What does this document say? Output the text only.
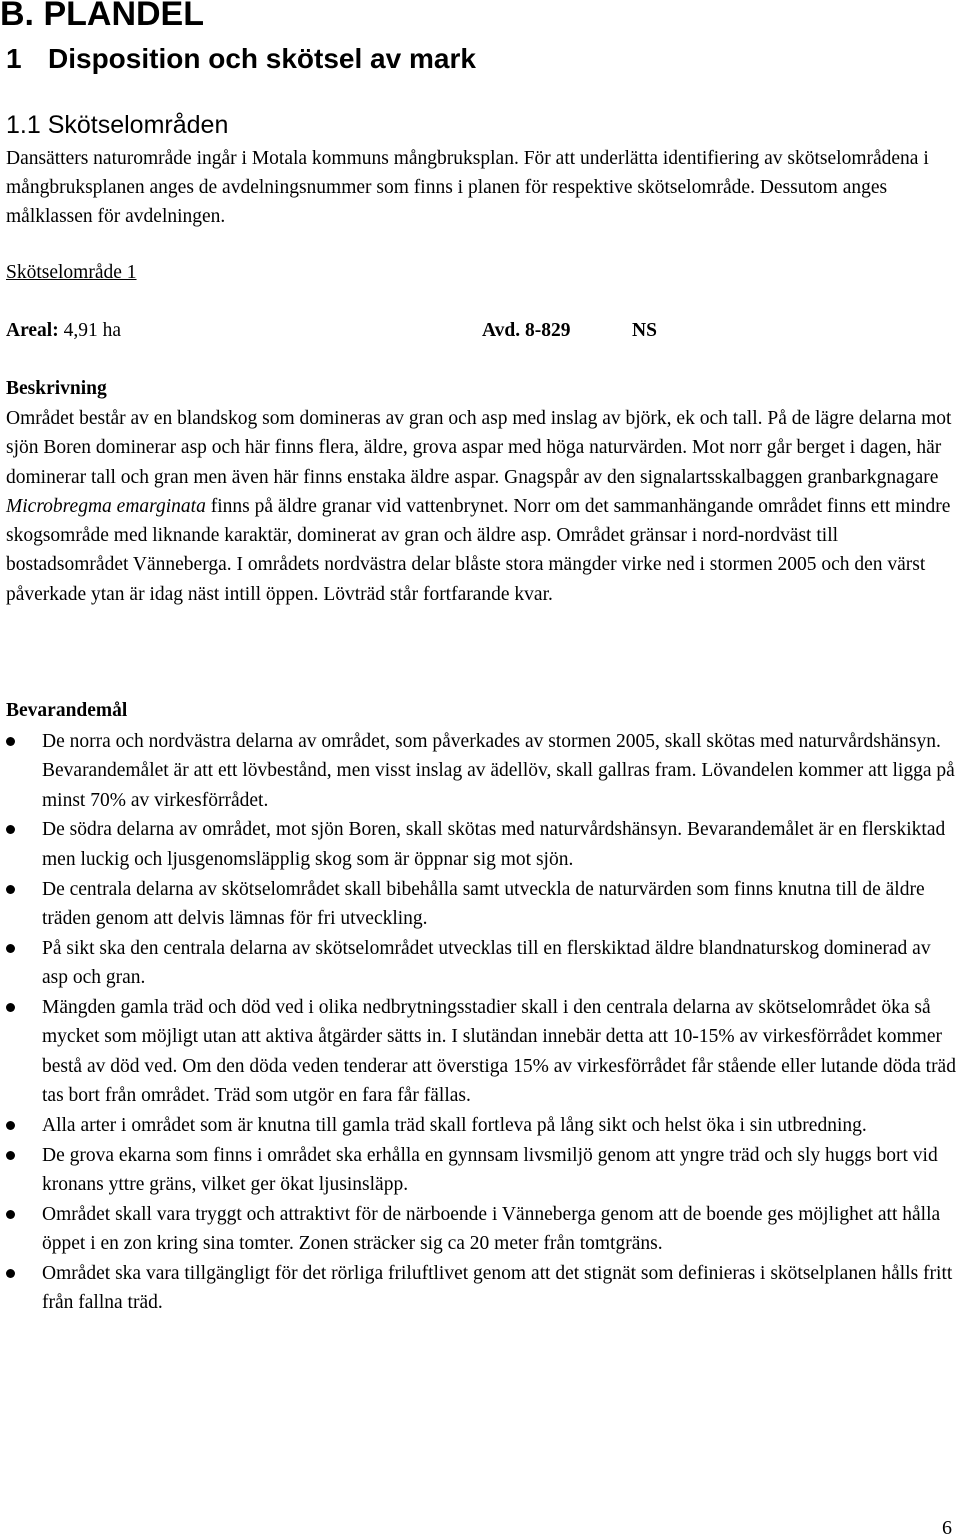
B. PLANDEL
1 Disposition och skötsel av mark
1.1 Skötselområden
Dansätters naturområde ingår i Motala kommuns mångbruksplan. För att underlätta identifiering av skötselområdena i mångbruksplanen anges de avdelningsnummer som finns i planen för respektive skötselområde. Dessutom anges målklassen för avdelningen.
Skötselområde 1
Areal: 4,91 ha	Avd. 8-829	NS
Beskrivning
Området består av en blandskog som domineras av gran och asp med inslag av björk, ek och tall. På de lägre delarna mot sjön Boren dominerar asp och här finns flera, äldre, grova aspar med höga naturvärden. Mot norr går berget i dagen, här dominerar tall och gran men även här finns enstaka äldre aspar. Gnagspår av den signalartsskalbaggen granbarkgnagare Microbregma emarginata finns på äldre granar vid vattenbrynet. Norr om det sammanhängande området finns ett mindre skogsområde med liknande karaktär, dominerat av gran och äldre asp. Området gränsar i nord-nordväst till bostadsområdet Vänneberga. I områdets nordvästra delar blåste stora mängder virke ned i stormen 2005 och den värst påverkade ytan är idag näst intill öppen. Lövträd står fortfarande kvar.
Bevarandemål
De norra och nordvästra delarna av området, som påverkades av stormen 2005, skall skötas med naturvårdshänsyn. Bevarandemålet är att ett lövbestånd, men visst inslag av ädellöv, skall gallras fram. Lövandelen kommer att ligga på minst 70% av virkesförrådet.
De södra delarna av området, mot sjön Boren, skall skötas med naturvårdshänsyn. Bevarandemålet är en flerskiktad men luckig och ljusgenomsläpplig skog som är öppnar sig mot sjön.
De centrala delarna av skötselområdet skall bibehålla samt utveckla de naturvärden som finns knutna till de äldre träden genom att delvis lämnas för fri utveckling.
På sikt ska den centrala delarna av skötselområdet utvecklas till en flerskiktad äldre blandnaturskog dominerad av asp och gran.
Mängden gamla träd och död ved i olika nedbrytningsstadier skall i den centrala delarna av skötselområdet öka så mycket som möjligt utan att aktiva åtgärder sätts in. I slutändan innebär detta att 10-15% av virkesförrådet kommer bestå av död ved. Om den döda veden tenderar att överstiga 15% av virkesförrådet får stående eller lutande döda träd tas bort från området. Träd som utgör en fara får fällas.
Alla arter i området som är knutna till gamla träd skall fortleva på lång sikt och helst öka i sin utbredning.
De grova ekarna som finns i området ska erhålla en gynnsam livsmiljö genom att yngre träd och sly huggs bort vid kronans yttre gräns, vilket ger ökat ljusinsläpp.
Området skall vara tryggt och attraktivt för de närboende i Vänneberga genom att de boende ges möjlighet att hålla öppet i en zon kring sina tomter. Zonen sträcker sig ca 20 meter från tomtgräns.
Området ska vara tillgängligt för det rörliga friluftlivet genom att det stignät som definieras i skötselplanen hålls fritt från fallna träd.
6
